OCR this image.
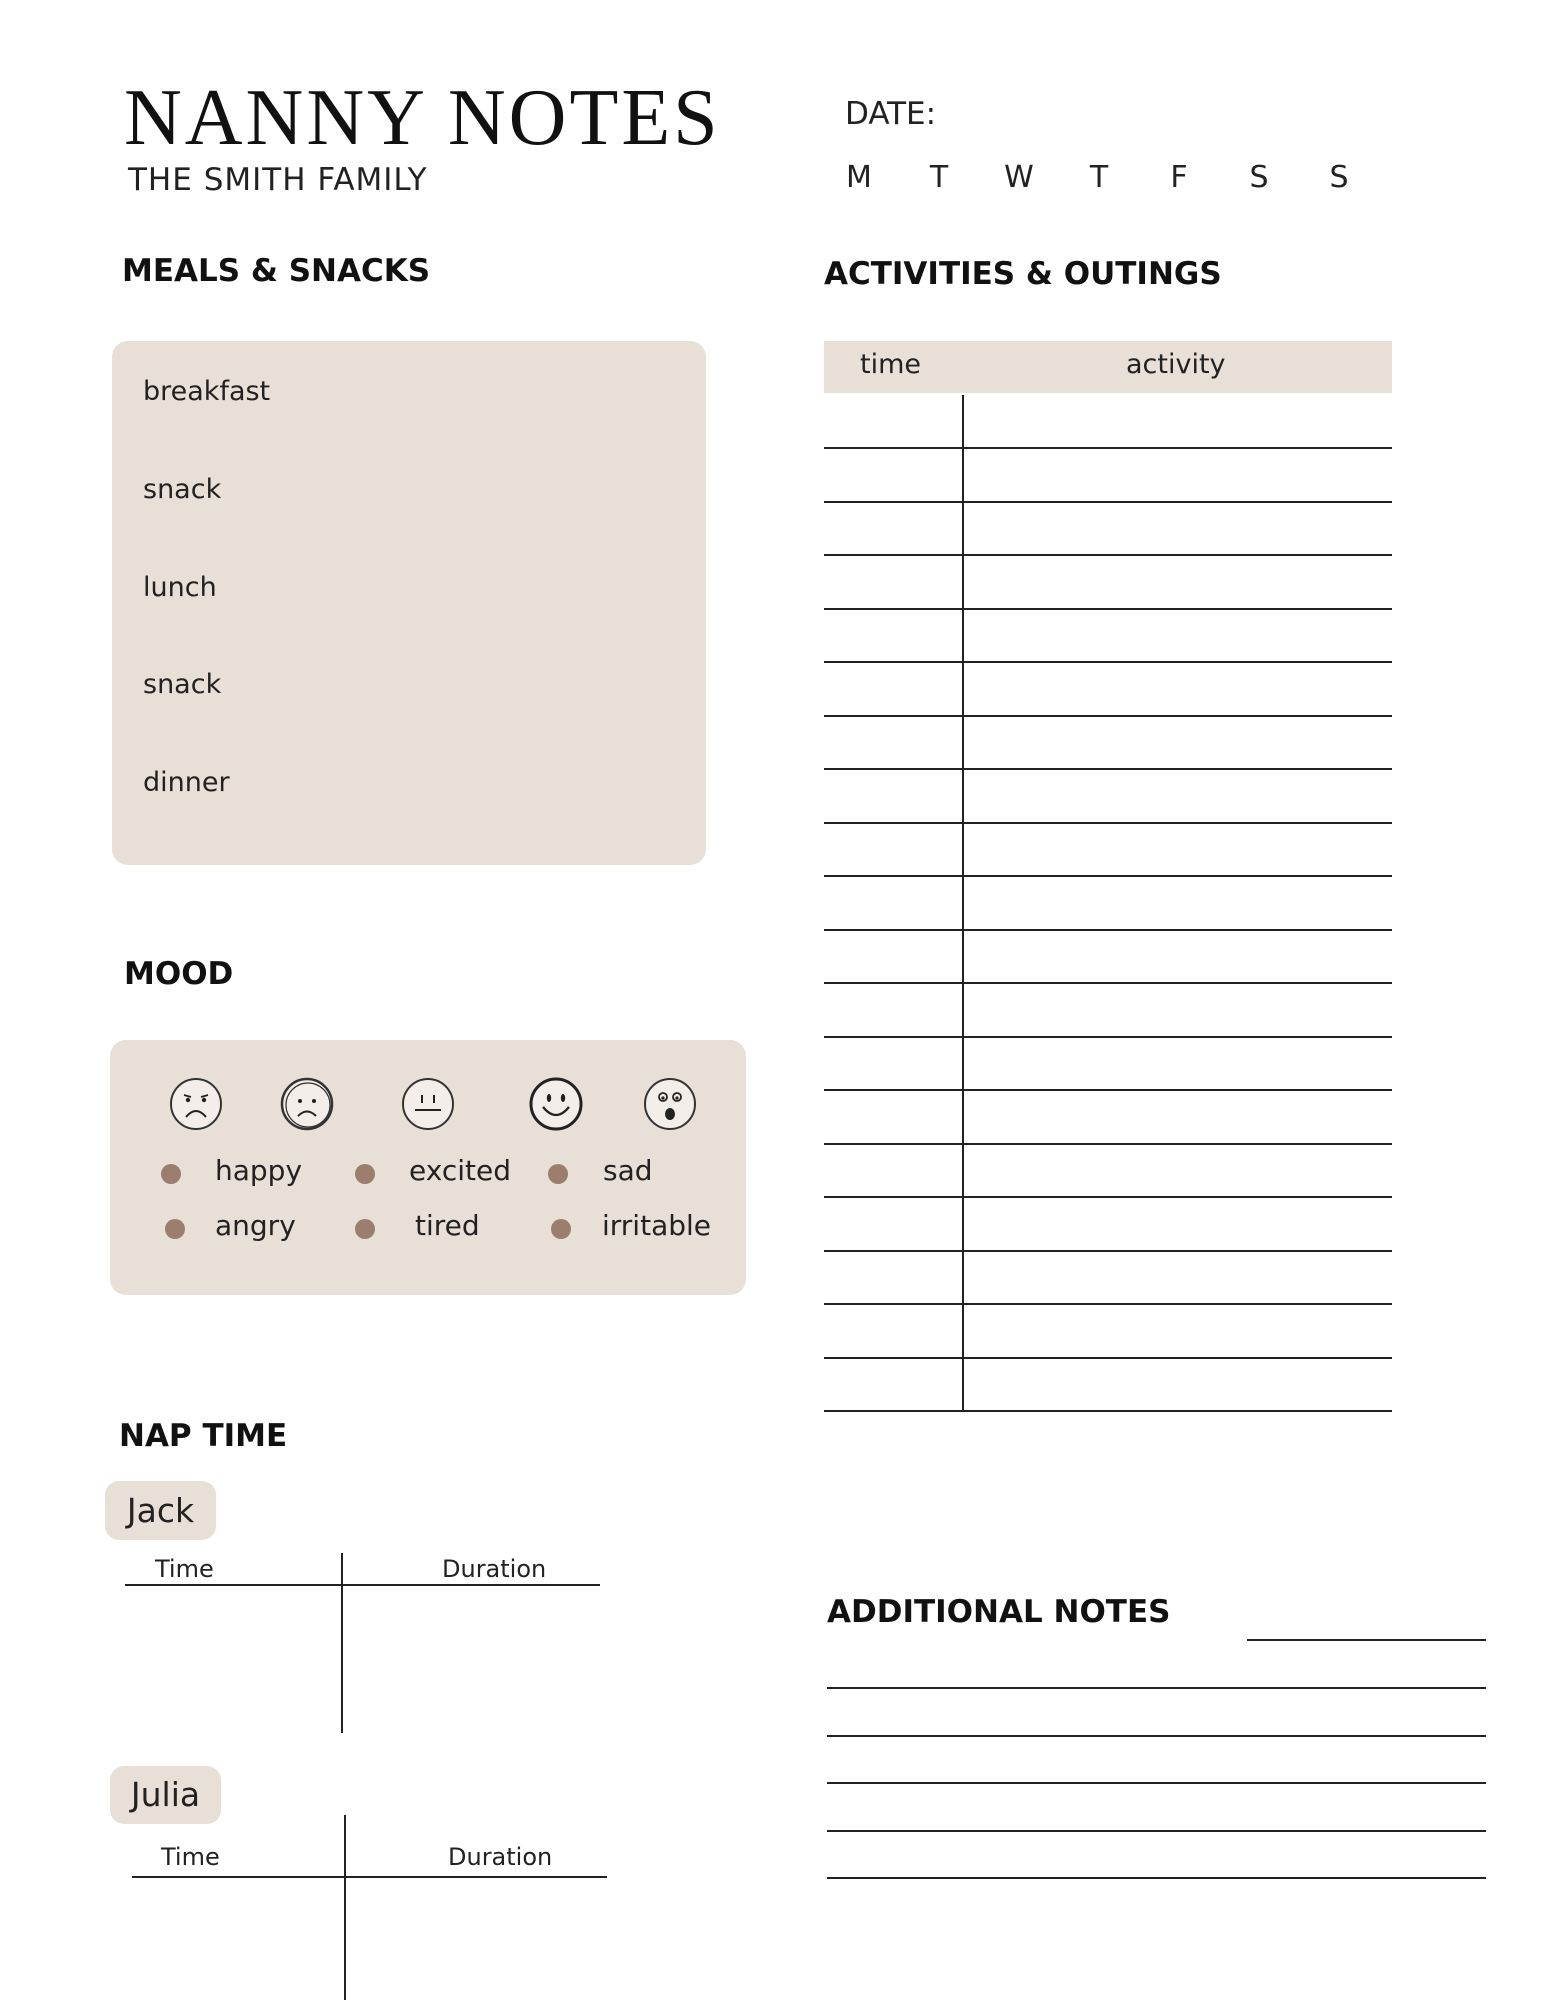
NANNY NOTES
THE SMITH FAMILY
DATE:
M	T	W	T	F	S	S
MEALS & SNACKS
breakfast
snack
lunch
snack
dinner
ACTIVITIES & OUTINGS
time	activity
MOOD
happy	excited	sad
angry	tired	irritable
NAP TIME
Jack
Time	Duration
Julia
Time	Duration
ADDITIONAL NOTES
